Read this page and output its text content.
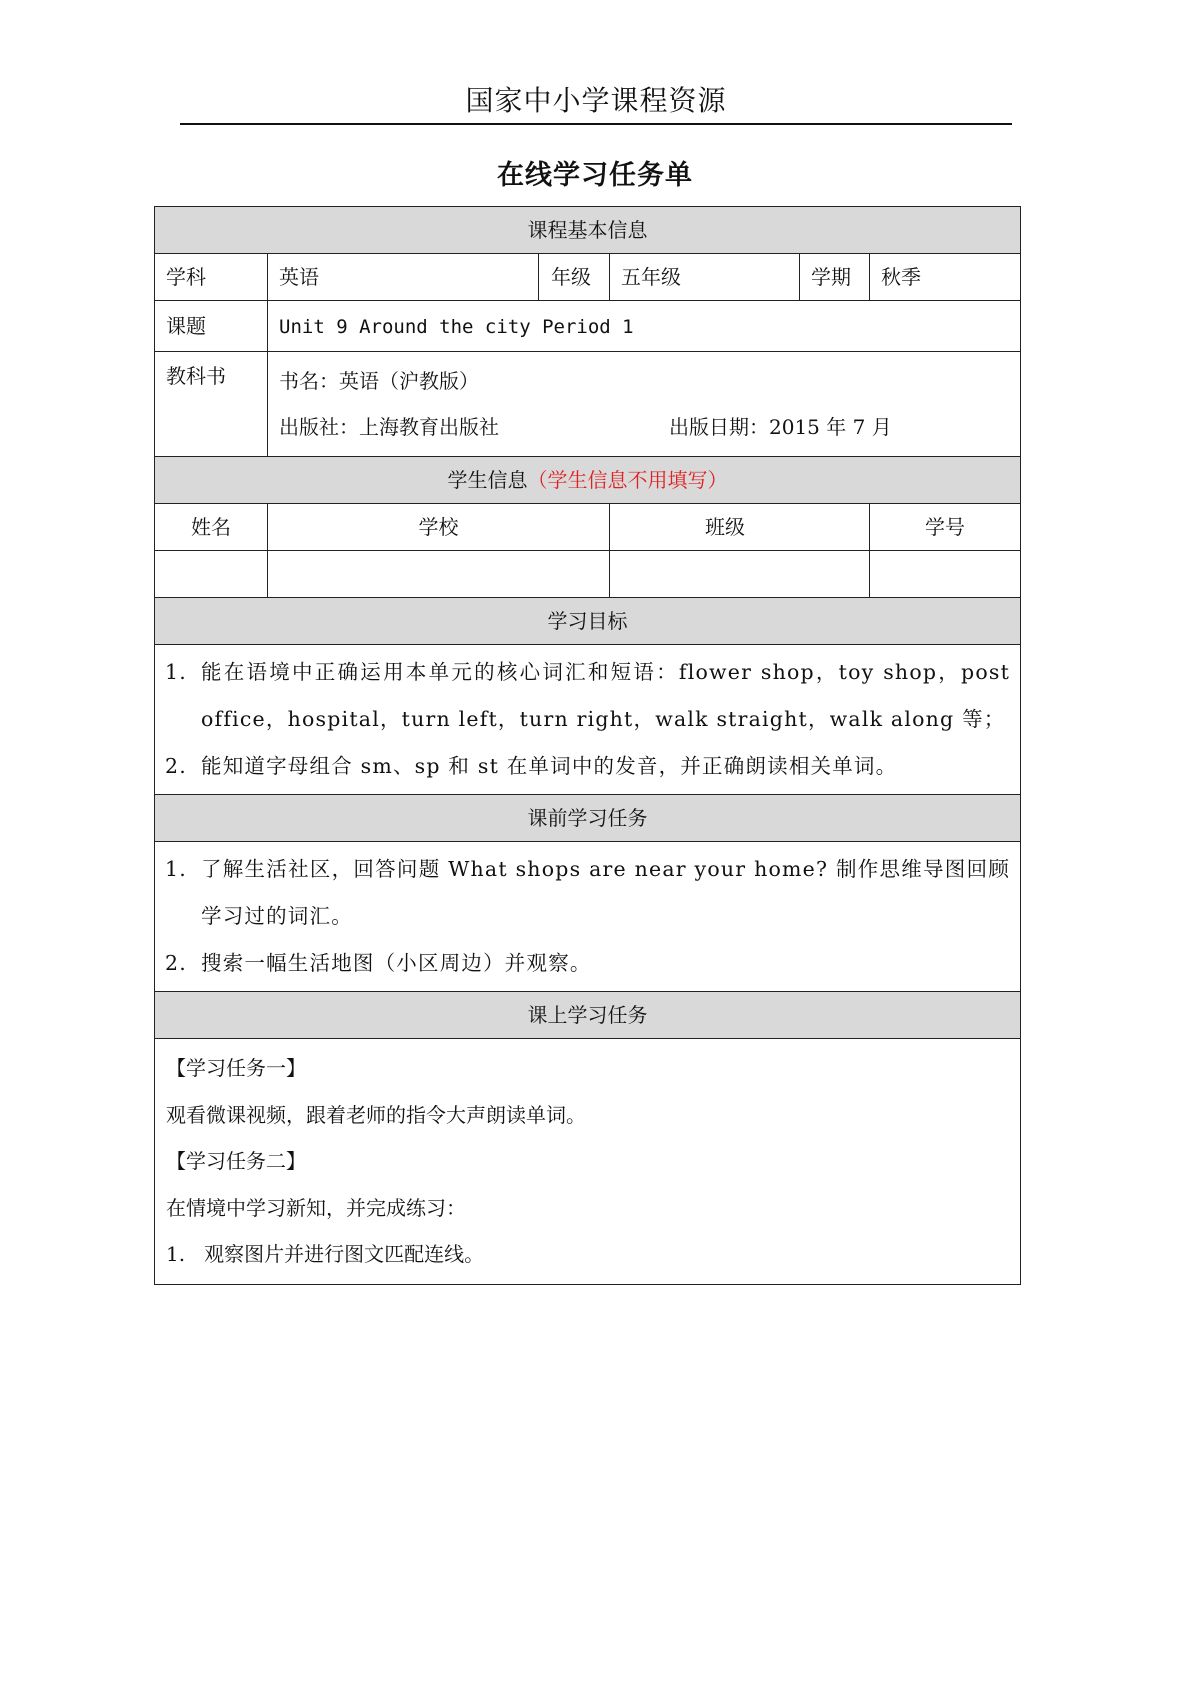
国家中小学课程资源
在线学习任务单
课程基本信息					
学科	英语	年级	五年级	学期	秋季
课题	Unit 9 Around the city Period 1				
教科书	书名：英语（沪教版）
出版社：上海教育出版社 出版日期：2015 年 7 月				

学生信息（学生信息不用填写）					
姓名	学校		班级		学号

学习目标					

1. 能在语境中正确运用本单元的核心词汇和短语：flower shop，toy shop，post office，hospital，turn left，turn right，walk straight，walk along 等；
2. 能知道字母组合 sm、sp 和 st 在单词中的发音，并正确朗读相关单词。					

课前学习任务					

1. 了解生活社区，回答问题 What shops are near your home? 制作思维导图回顾学习过的词汇。
2. 搜索一幅生活地图（小区周边）并观察。					

课上学习任务					

【学习任务一】
观看微课视频，跟着老师的指令大声朗读单词。
【学习任务二】
在情境中学习新知，并完成练习：
1.   观察图片并进行图文匹配连线。					
